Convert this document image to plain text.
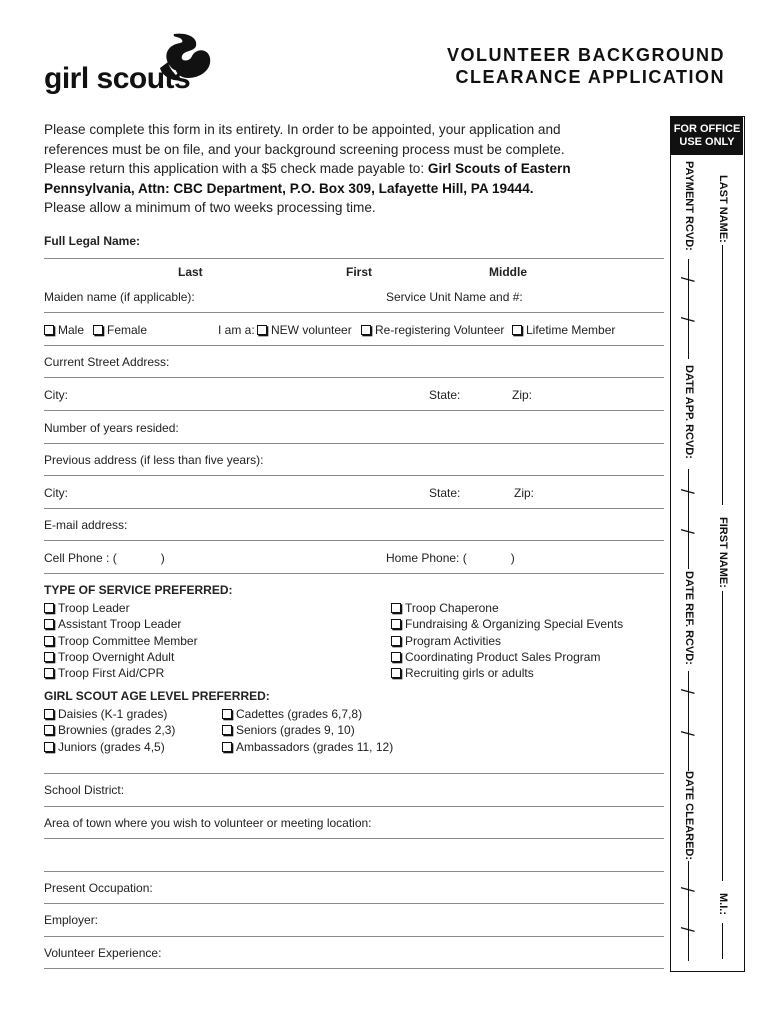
girl scouts
VOLUNTEER BACKGROUND
CLEARANCE APPLICATION
Please complete this form in its entirety. In order to be appointed, your application and
references must be on file, and your background screening process must be complete.
Please return this application with a $5 check made payable to: Girl Scouts of Eastern
Pennsylvania, Attn: CBC Department, P.O. Box 309, Lafayette Hill, PA 19444.
Please allow a minimum of two weeks processing time.
Full Legal Name:
Last	First	Middle
Maiden name (if applicable):	Service Unit Name and #:
Male	Female	I am a:	NEW volunteer	Re-registering Volunteer	Lifetime Member
Current Street Address:
City:	State:	Zip:
Number of years resided:
Previous address (if less than five years):
City:	State:	Zip:
E-mail address:
Cell Phone : (	)	Home Phone: (	)
TYPE OF SERVICE PREFERRED:
Troop Leader
Assistant Troop Leader
Troop Committee Member
Troop Overnight Adult
Troop First Aid/CPR
Troop Chaperone
Fundraising & Organizing Special Events
Program Activities
Coordinating Product Sales Program
Recruiting girls or adults
GIRL SCOUT AGE LEVEL PREFERRED:
Daisies (K-1 grades)
Brownies (grades 2,3)
Juniors (grades 4,5)
Cadettes (grades 6,7,8)
Seniors (grades 9, 10)
Ambassadors (grades 11, 12)
School District:
Area of town where you wish to volunteer or meeting location:
Present Occupation:
Employer:
Volunteer Experience:
FOR OFFICE
USE ONLY
LAST NAME:
FIRST NAME:
M.I.:
PAYMENT RCVD:
/
/
DATE APP. RCVD:
/
/
DATE REF. RCVD:
/
/
DATE CLEARED:
/
/
